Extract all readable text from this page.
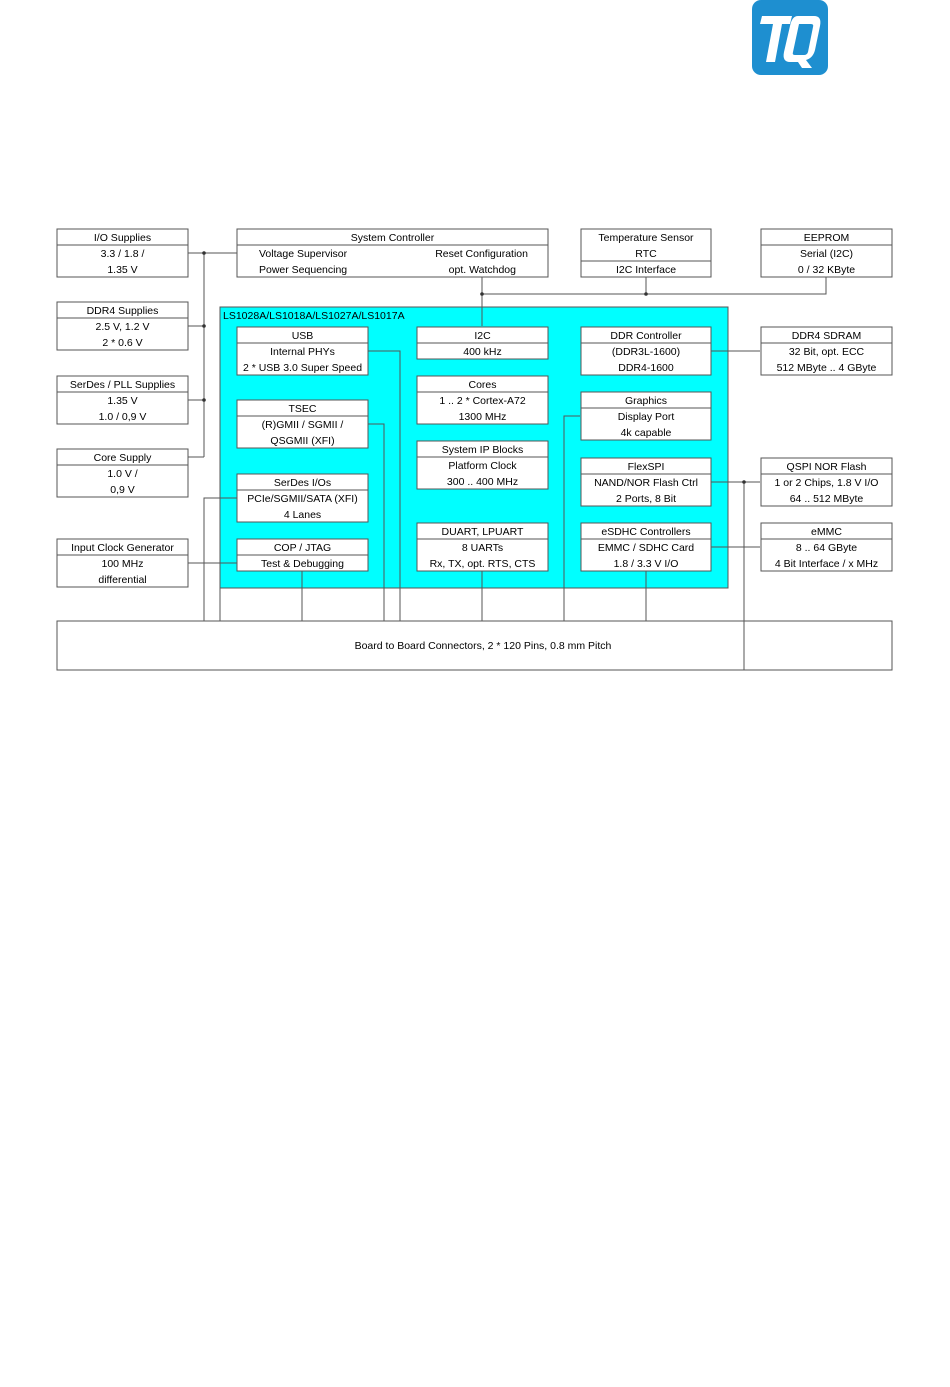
LS1028A/LS1018A/LS1027A/LS1017A
I/O Supplies
3.3 / 1.8 /
1.35 V
DDR4 Supplies
2.5 V, 1.2 V
2 * 0.6 V
SerDes / PLL Supplies
1.35 V
1.0 / 0,9 V
Core Supply
1.0 V /
0,9 V
Input Clock Generator
100 MHz
differential
System Controller
Voltage Supervisor
Power Sequencing
Reset Configuration
opt. Watchdog
Temperature Sensor
RTC
I2C Interface
EEPROM
Serial (I2C)
0 / 32 KByte
USB
Internal PHYs
2 * USB 3.0 Super Speed
TSEC
(R)GMII / SGMII /
QSGMII (XFI)
SerDes I/Os
PCIe/SGMII/SATA (XFI)
4 Lanes
COP / JTAG
Test & Debugging
I2C
400 kHz
Cores
1 .. 2 * Cortex-A72
1300 MHz
System IP Blocks
Platform Clock
300 .. 400 MHz
DUART, LPUART
8 UARTs
Rx, TX, opt. RTS, CTS
DDR Controller
(DDR3L-1600)
DDR4-1600
Graphics
Display Port
4k capable
FlexSPI
NAND/NOR Flash Ctrl
2 Ports, 8 Bit
eSDHC Controllers
EMMC / SDHC Card
1.8 / 3.3 V I/O
DDR4 SDRAM
32 Bit, opt. ECC
512 MByte .. 4 GByte
QSPI NOR Flash
1 or 2 Chips, 1.8 V I/O
64 .. 512 MByte
eMMC
8 .. 64 GByte
4 Bit Interface / x MHz
Board to Board Connectors, 2 * 120 Pins, 0.8 mm Pitch
